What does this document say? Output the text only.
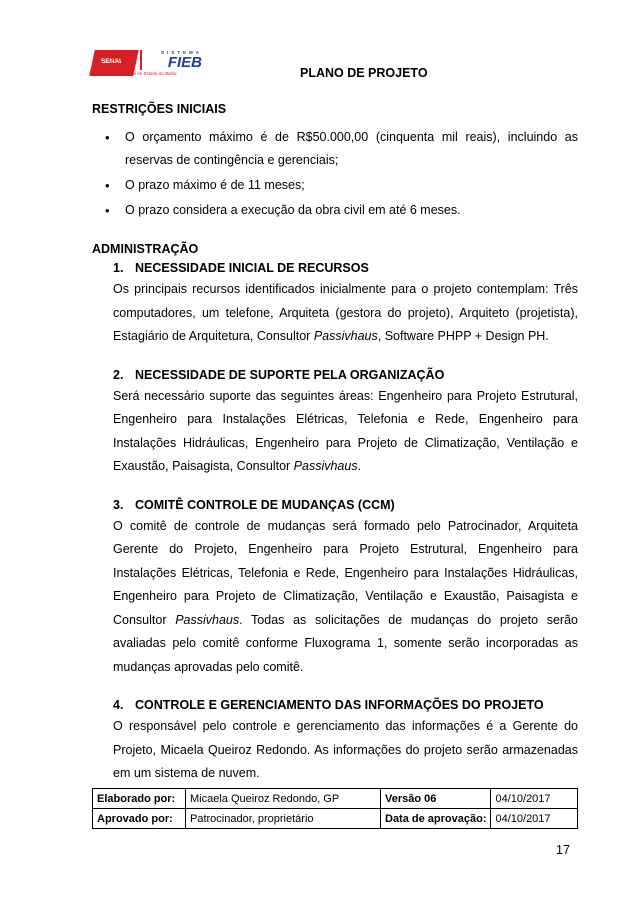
SENAI

CIMATEC
SISTEMA
FIEB
Promovendo Indústria no Estado da Bahia	PLANO DE PROJETO
RESTRIÇÕES INICIAIS
• O orçamento máximo é de R$50.000,00 (cinquenta mil reais), incluindo as reservas de contingência e gerenciais;
• O prazo máximo é de 11 meses;
• O prazo considera a execução da obra civil em até 6 meses.
ADMINISTRAÇÃO
1. NECESSIDADE INICIAL DE RECURSOS

Os principais recursos identificados inicialmente para o projeto contemplam: Três computadores, um telefone, Arquiteta (gestora do projeto), Arquiteto (projetista), Estagiário de Arquitetura, Consultor Passivhaus, Software PHPP + Design PH.

2. NECESSIDADE DE SUPORTE PELA ORGANIZAÇÃO

Será necessário suporte das seguintes áreas: Engenheiro para Projeto Estrutural, Engenheiro para Instalações Elétricas, Telefonia e Rede, Engenheiro para Instalações Hidráulicas, Engenheiro para Projeto de Climatização, Ventilação e Exaustão, Paisagista, Consultor Passivhaus.

3. COMITÊ CONTROLE DE MUDANÇAS (CCM)

O comitê de controle de mudanças será formado pelo Patrocinador, Arquiteta Gerente do Projeto, Engenheiro para Projeto Estrutural, Engenheiro para Instalações Elétricas, Telefonia e Rede, Engenheiro para Instalações Hidráulicas, Engenheiro para Projeto de Climatização, Ventilação e Exaustão, Paisagista e Consultor Passivhaus. Todas as solicitações de mudanças do projeto serão avaliadas pelo comitê conforme Fluxograma 1, somente serão incorporadas as mudanças aprovadas pelo comitê.

4. CONTROLE E GERENCIAMENTO DAS INFORMAÇÕES DO PROJETO

O responsável pelo controle e gerenciamento das informações é a Gerente do Projeto, Micaela Queiroz Redondo. As informações do projeto serão armazenadas em um sistema de nuvem.

Elaborado por:	Micaela Queiroz Redondo, GP	Versão 06	04/10/2017
Aprovado por:	Patrocinador, proprietário	Data de aprovação:	04/10/2017
17
